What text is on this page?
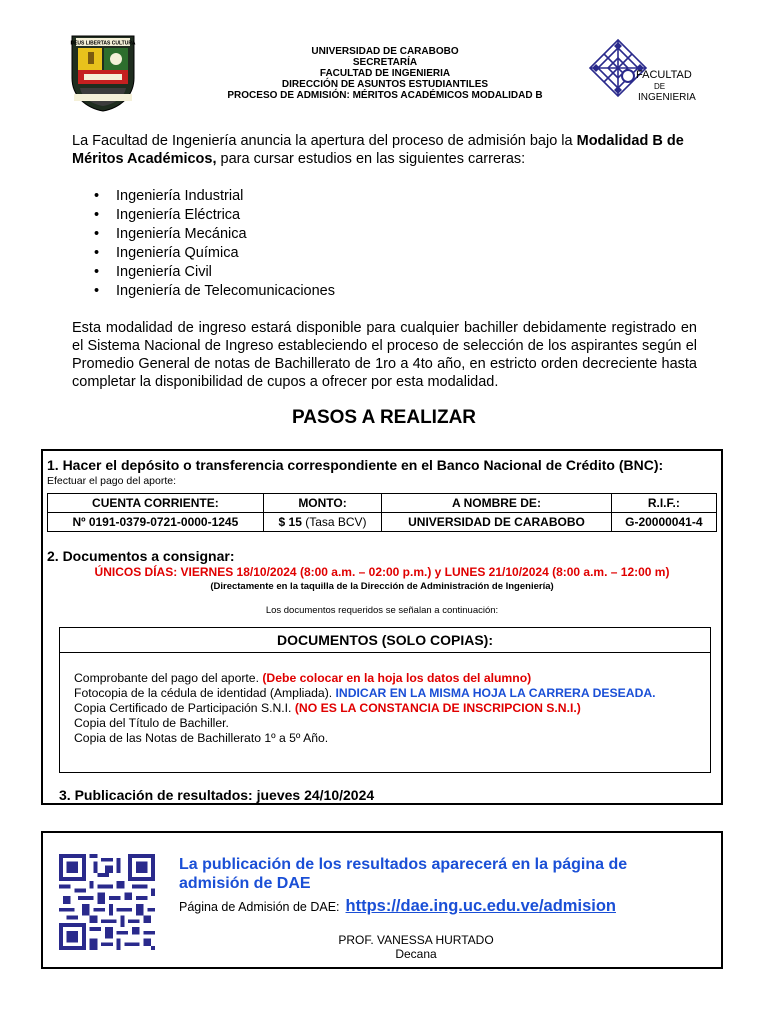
DEUS LIBERTAS CULTURA
UNIVERSIDAD DE CARABOBO
SECRETARÍA
FACULTAD DE INGENIERIA
DIRECCIÓN DE ASUNTOS ESTUDIANTILES
PROCESO DE ADMISIÓN: MÉRITOS ACADÉMICOS MODALIDAD B
FACULTAD
DE
INGENIERIA
La Facultad de Ingeniería anuncia la apertura del proceso de admisión bajo la Modalidad B de Méritos Académicos, para cursar estudios en las siguientes carreras:
• Ingeniería Industrial
• Ingeniería Eléctrica
• Ingeniería Mecánica
• Ingeniería Química
• Ingeniería Civil
• Ingeniería de Telecomunicaciones
Esta modalidad de ingreso estará disponible para cualquier bachiller debidamente registrado en el Sistema Nacional de Ingreso estableciendo el proceso de selección de los aspirantes según el Promedio General de notas de Bachillerato de 1ro a 4to año, en estricto orden decreciente hasta completar la disponibilidad de cupos a ofrecer por esta modalidad.
PASOS A REALIZAR
1. Hacer el depósito o transferencia correspondiente en el Banco Nacional de Crédito (BNC):
Efectuar el pago del aporte:
CUENTA CORRIENTE:	MONTO:	A NOMBRE DE:	R.I.F.:
Nº 0191-0379-0721-0000-1245	$ 15 (Tasa BCV)	UNIVERSIDAD DE CARABOBO	G-20000041-4
2. Documentos a consignar:
ÚNICOS DÍAS: VIERNES 18/10/2024 (8:00 a.m. – 02:00 p.m.) y LUNES 21/10/2024 (8:00 a.m. – 12:00 m)
(Directamente en la taquilla de la Dirección de Administración de Ingeniería)
Los documentos requeridos se señalan a continuación:
DOCUMENTOS (SOLO COPIAS):
Comprobante del pago del aporte. (Debe colocar en la hoja los datos del alumno)
Fotocopia de la cédula de identidad (Ampliada). INDICAR EN LA MISMA HOJA LA CARRERA DESEADA.
Copia Certificado de Participación S.N.I. (NO ES LA CONSTANCIA DE INSCRIPCION S.N.I.)
Copia del Título de Bachiller.
Copia de las Notas de Bachillerato 1º a 5º Año.
3. Publicación de resultados: jueves 24/10/2024
La publicación de los resultados aparecerá en la página de admisión de DAE
Página de Admisión de DAE: https://dae.ing.uc.edu.ve/admision
PROF. VANESSA HURTADO
Decana
